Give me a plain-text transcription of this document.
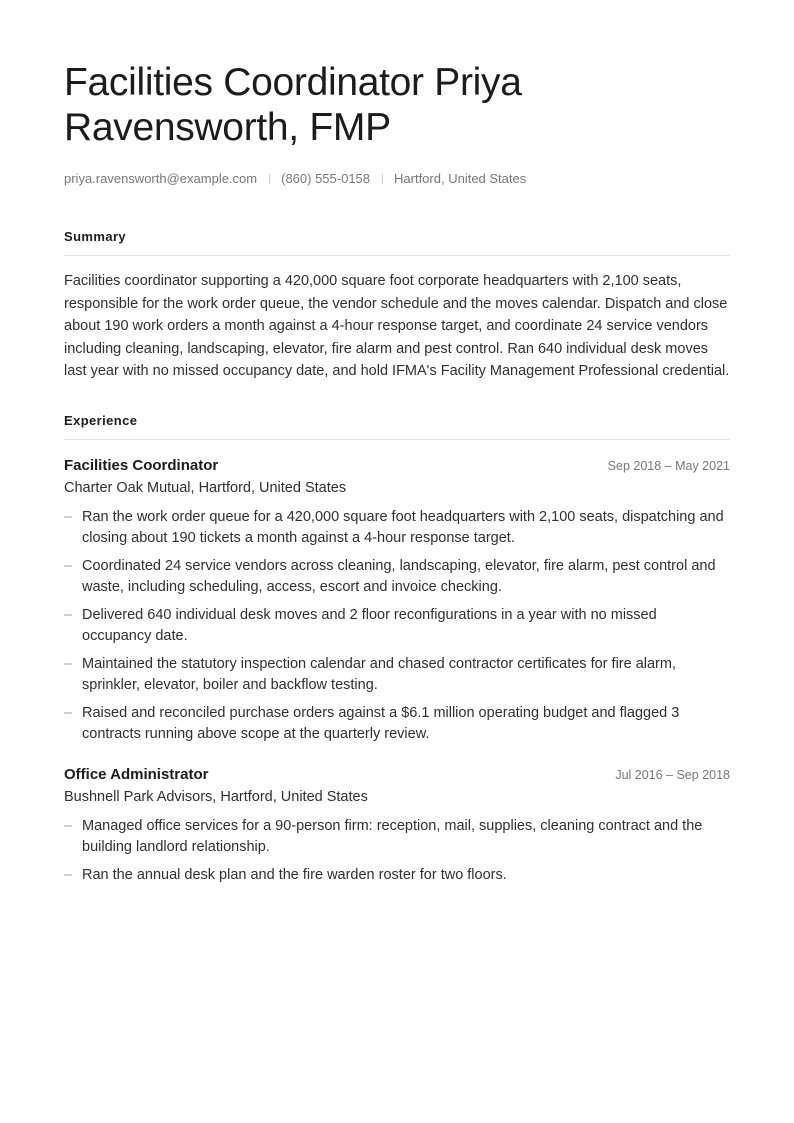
Facilities Coordinator Priya Ravensworth, FMP
priya.ravensworth@example.com (860) 555-0158 Hartford, United States
Summary

Facilities coordinator supporting a 420,000 square foot corporate headquarters with 2,100 seats, responsible for the work order queue, the vendor schedule and the moves calendar. Dispatch and close about 190 work orders a month against a 4-hour response target, and coordinate 24 service vendors including cleaning, landscaping, elevator, fire alarm and pest control. Ran 640 individual desk moves last year with no missed occupancy date, and hold IFMA's Facility Management Professional credential.

Experience
Facilities Coordinator	Sep 2018 – May 2021
Charter Oak Mutual, Hartford, United States
– Ran the work order queue for a 420,000 square foot headquarters with 2,100 seats, dispatching and closing about 190 tickets a month against a 4-hour response target.
– Coordinated 24 service vendors across cleaning, landscaping, elevator, fire alarm, pest control and waste, including scheduling, access, escort and invoice checking.
– Delivered 640 individual desk moves and 2 floor reconfigurations in a year with no missed occupancy date.
– Maintained the statutory inspection calendar and chased contractor certificates for fire alarm, sprinkler, elevator, boiler and backflow testing.
– Raised and reconciled purchase orders against a $6.1 million operating budget and flagged 3 contracts running above scope at the quarterly review.
Office Administrator	Jul 2016 – Sep 2018
Bushnell Park Advisors, Hartford, United States
– Managed office services for a 90-person firm: reception, mail, supplies, cleaning contract and the building landlord relationship.
– Ran the annual desk plan and the fire warden roster for two floors.
